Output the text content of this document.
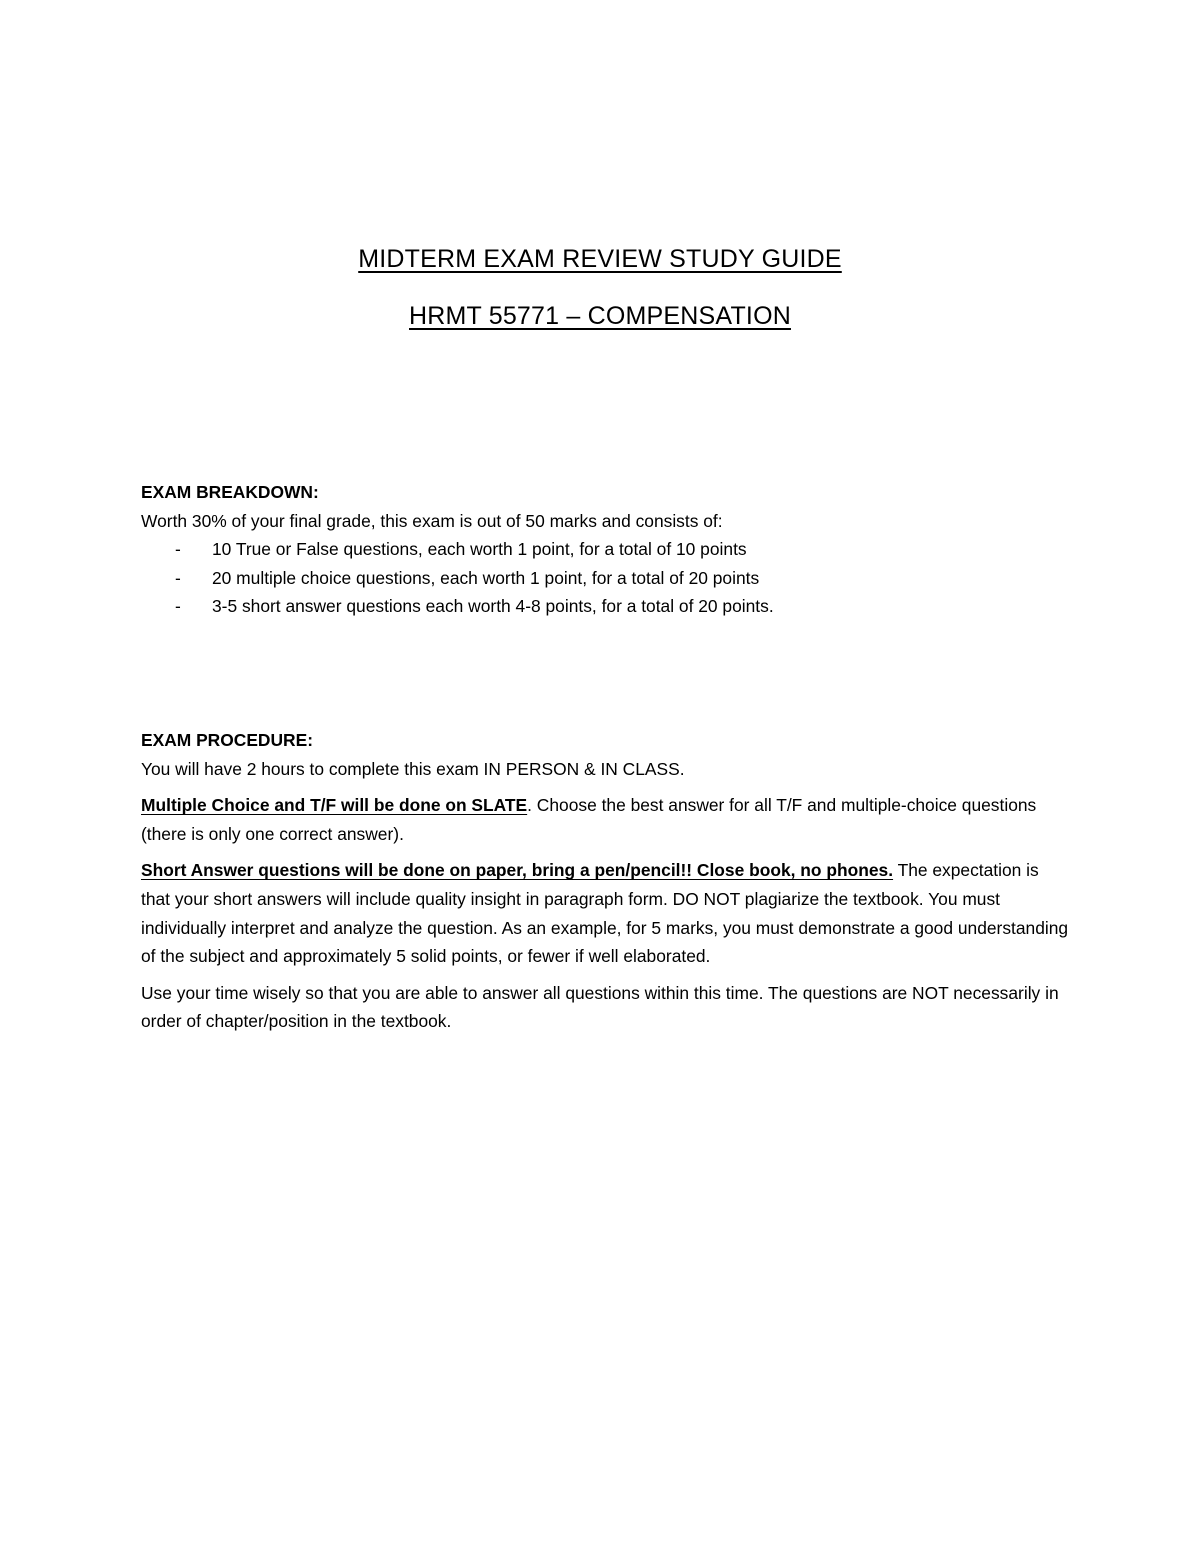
MIDTERM EXAM REVIEW STUDY GUIDE
HRMT 55771 – COMPENSATION

EXAM BREAKDOWN:

Worth 30% of your final grade, this exam is out of 50 marks and consists of:

- 10 True or False questions, each worth 1 point, for a total of 10 points
- 20 multiple choice questions, each worth 1 point, for a total of 20 points
- 3-5 short answer questions each worth 4-8 points, for a total of 20 points.

EXAM PROCEDURE:

You will have 2 hours to complete this exam IN PERSON & IN CLASS.

Multiple Choice and T/F will be done on SLATE. Choose the best answer for all T/F and multiple-choice questions (there is only one correct answer).

Short Answer questions will be done on paper, bring a pen/pencil!! Close book, no phones. The expectation is that your short answers will include quality insight in paragraph form. DO NOT plagiarize the textbook. You must individually interpret and analyze the question. As an example, for 5 marks, you must demonstrate a good understanding of the subject and approximately 5 solid points, or fewer if well elaborated.

Use your time wisely so that you are able to answer all questions within this time. The questions are NOT necessarily in order of chapter/position in the textbook.
